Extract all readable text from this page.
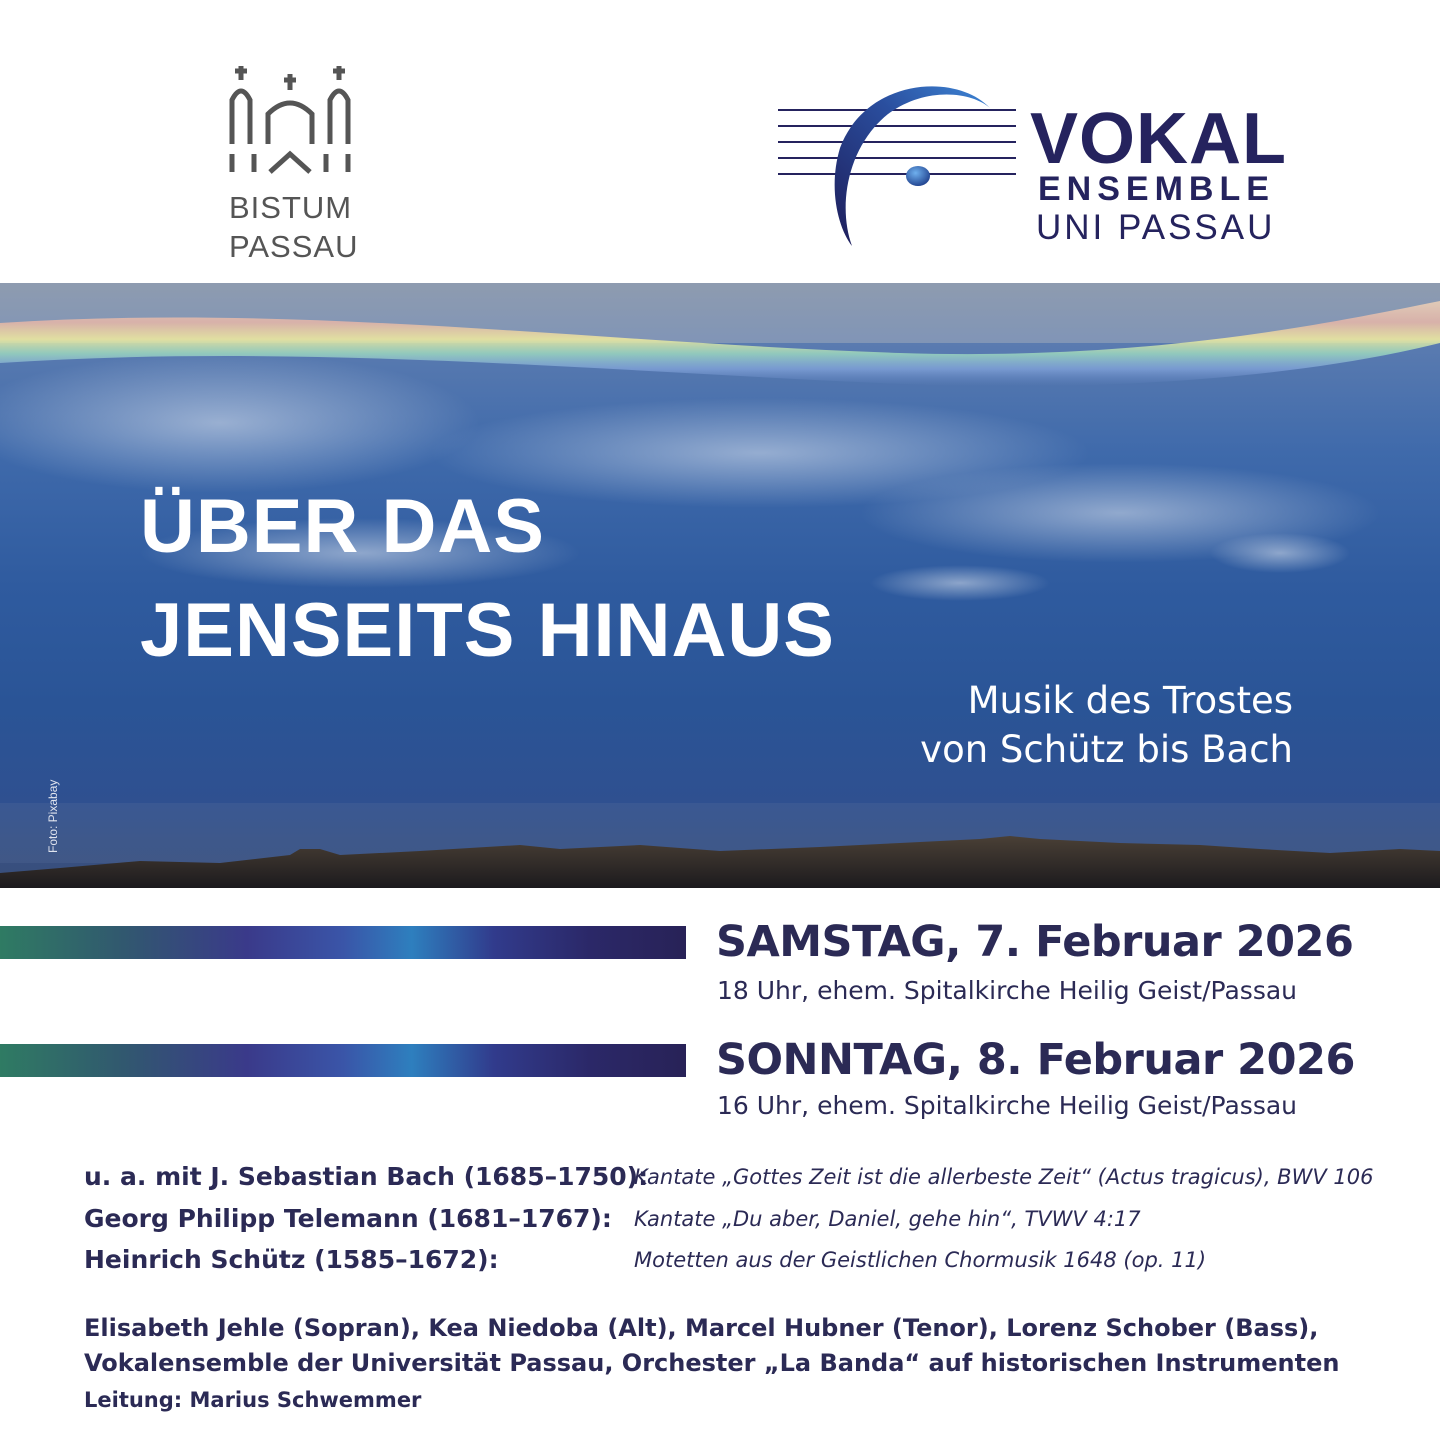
BISTUM
PASSAU
VOKAL
ENSEMBLE
UNI PASSAU
ÜBER DAS
JENSEITS HINAUS
Musik des Trostes
von Schütz bis Bach
Foto: Pixabay
SAMSTAG, 7. Februar 2026
18 Uhr, ehem. Spitalkirche Heilig Geist/Passau
SONNTAG, 8. Februar 2026
16 Uhr, ehem. Spitalkirche Heilig Geist/Passau
u. a. mit J. Sebastian Bach (1685–1750):
Kantate „Gottes Zeit ist die allerbeste Zeit“ (Actus tragicus), BWV 106
Georg Philipp Telemann (1681–1767): Kantate „Du aber, Daniel, gehe hin“, TVWV 4:17
Heinrich Schütz (1585–1672):	Motetten aus der Geistlichen Chormusik 1648 (op. 11)
Elisabeth Jehle (Sopran), Kea Niedoba (Alt), Marcel Hubner (Tenor), Lorenz Schober (Bass),
Vokalensemble der Universität Passau, Orchester „La Banda“ auf historischen Instrumenten
Leitung: Marius Schwemmer
